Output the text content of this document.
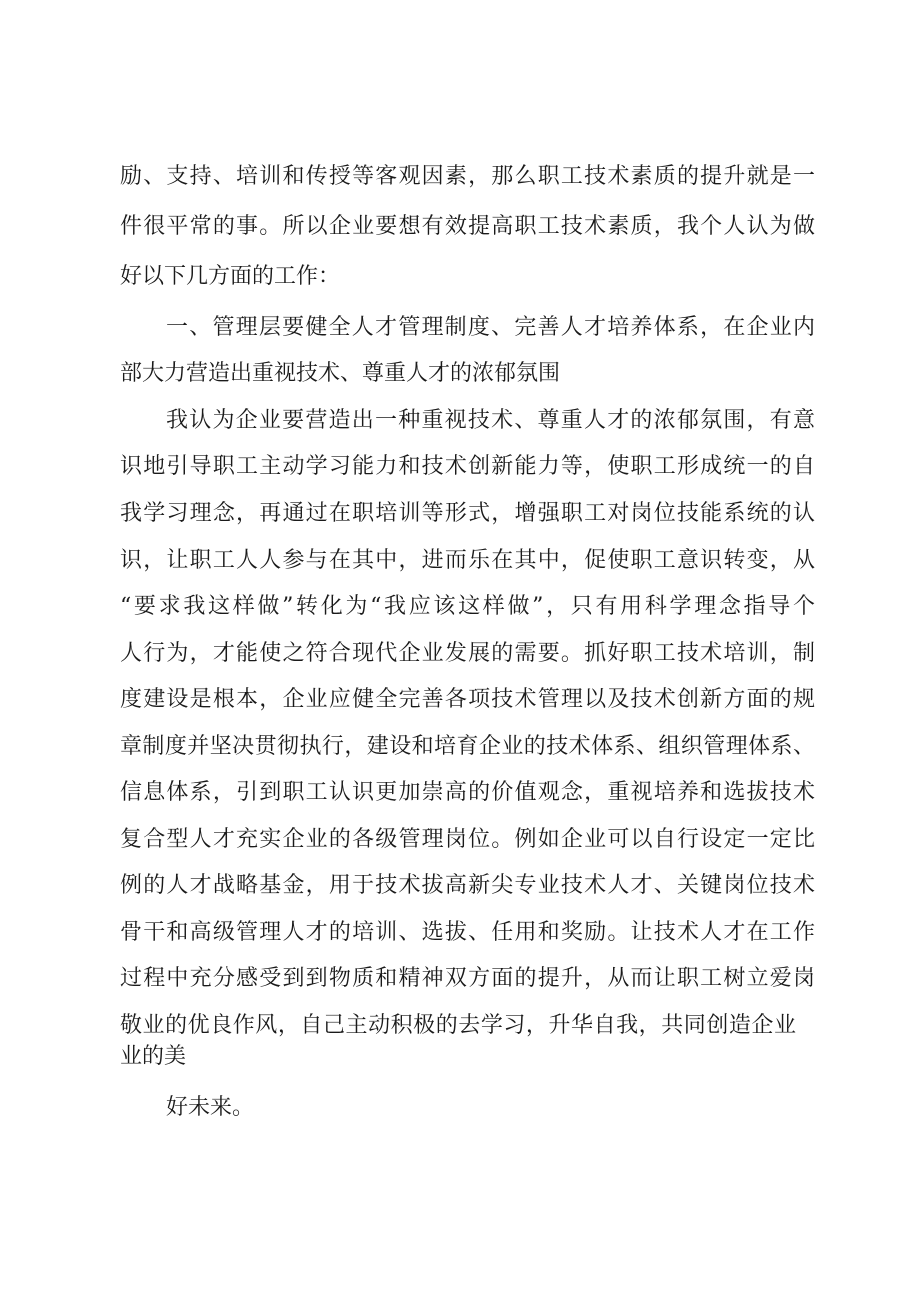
励、支持、培训和传授等客观因素，那么职工技术素质的提升就是一
件很平常的事。所以企业要想有效提高职工技术素质，我个人认为做
好以下几方面的工作：
一、管理层要健全人才管理制度、完善人才培养体系，在企业内
部大力营造出重视技术、尊重人才的浓郁氛围
我认为企业要营造出一种重视技术、尊重人才的浓郁氛围，有意
识地引导职工主动学习能力和技术创新能力等，使职工形成统一的自
我学习理念，再通过在职培训等形式，增强职工对岗位技能系统的认
识，让职工人人参与在其中，进而乐在其中，促使职工意识转变，从
“要求我这样做”转化为“我应该这样做”，只有用科学理念指导个
人行为，才能使之符合现代企业发展的需要。抓好职工技术培训，制
度建设是根本，企业应健全完善各项技术管理以及技术创新方面的规
章制度并坚决贯彻执行，建设和培育企业的技术体系、组织管理体系、
信息体系，引到职工认识更加崇高的价值观念，重视培养和选拔技术
复合型人才充实企业的各级管理岗位。例如企业可以自行设定一定比
例的人才战略基金，用于技术拔高新尖专业技术人才、关键岗位技术
骨干和高级管理人才的培训、选拔、任用和奖励。让技术人才在工作
过程中充分感受到到物质和精神双方面的提升，从而让职工树立爱岗
敬业的优良作风，自己主动积极的去学习，升华自我，共同创造企业
业的美
好未来。
